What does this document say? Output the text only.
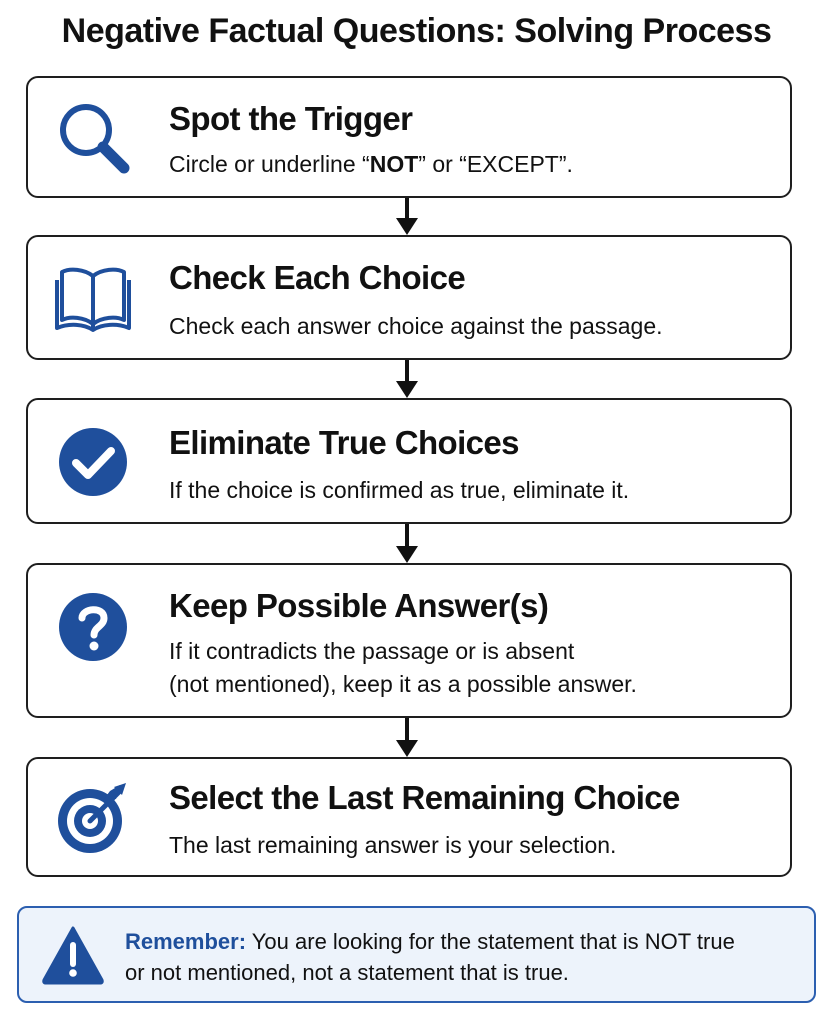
Negative Factual Questions: Solving Process
Spot the Trigger
Circle or underline “NOT” or “EXCEPT”.
Check Each Choice
Check each answer choice against the passage.
Eliminate True Choices
If the choice is confirmed as true, eliminate it.
Keep Possible Answer(s)
If it contradicts the passage or is absent
(not mentioned), keep it as a possible answer.
Select the Last Remaining Choice
The last remaining answer is your selection.
Remember: You are looking for the statement that is NOT true
or not mentioned, not a statement that is true.
